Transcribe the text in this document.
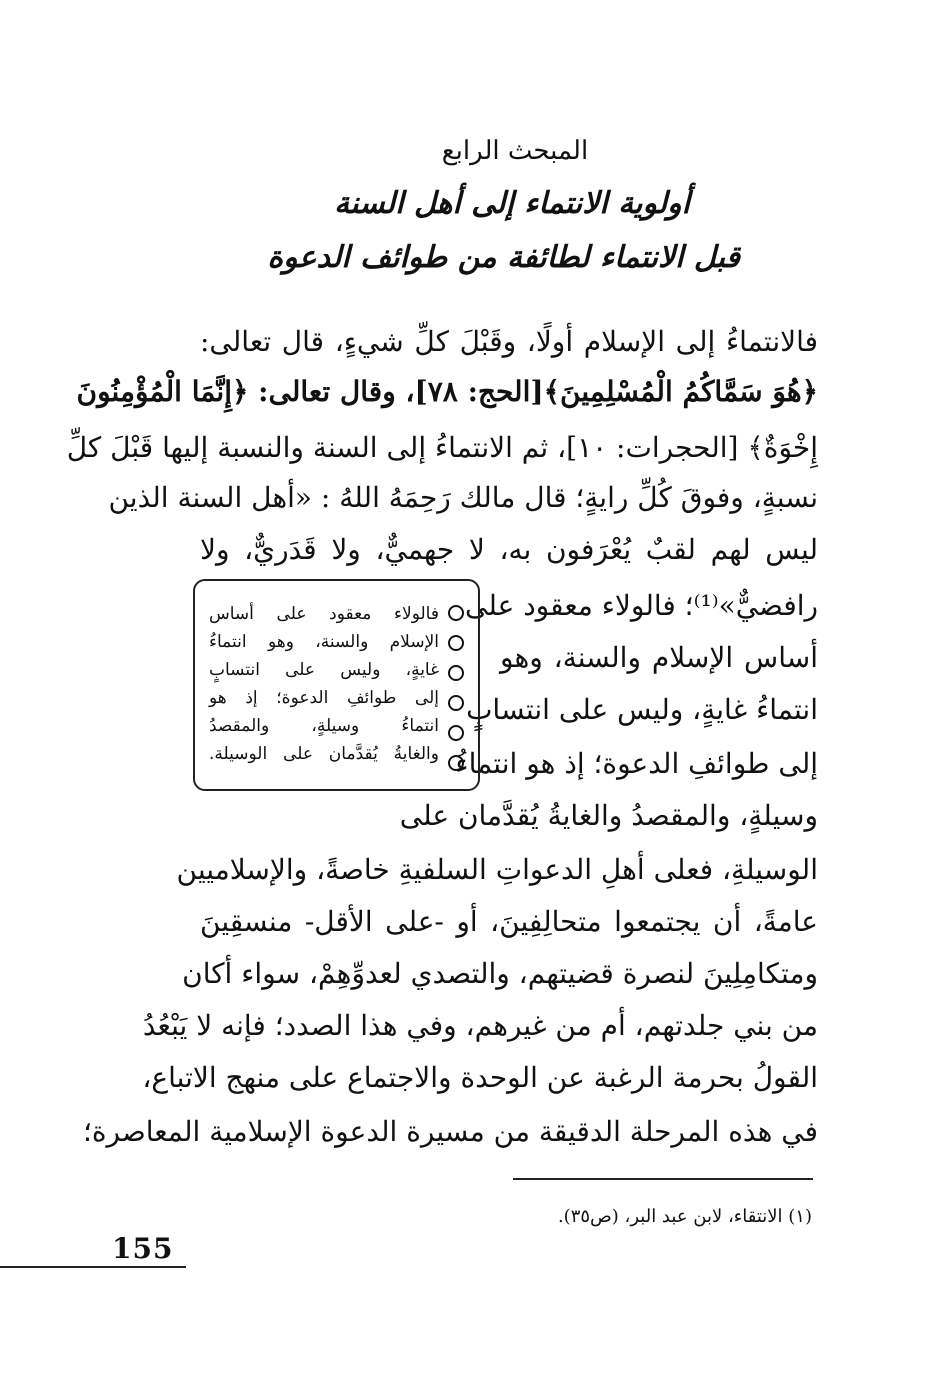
المبحث الرابع
أولوية الانتماء إلى أهل السنة
قبل الانتماء لطائفة من طوائف الدعوة
فالانتماءُ إلى الإسلام أولًا، وقَبْلَ كلِّ شيءٍ، قال تعالى:
﴿هُوَ سَمَّاكُمُ الْمُسْلِمِينَ﴾[الحج: ٧٨]، وقال تعالى: ﴿إِنَّمَا الْمُؤْمِنُونَ
إِخْوَةٌ﴾ [الحجرات: ١٠]، ثم الانتماءُ إلى السنة والنسبة إليها قَبْلَ كلِّ
نسبةٍ، وفوقَ كُلِّ رايةٍ؛ قال مالك رَحِمَهُ اللهُ : «أهل السنة الذين
ليس لهم لقبٌ يُعْرَفون به، لا جهميٌّ، ولا قَدَريٌّ، ولا
رافضيٌّ»⁽¹⁾؛ فالولاء معقود على
أساس الإسلام والسنة، وهو
انتماءُ غايةٍ، وليس على انتسابٍ
إلى طوائفِ الدعوة؛ إذ هو انتماءُ
وسيلةٍ، والمقصدُ والغايةُ يُقدَّمان على
فالولاء معقود على أساس
الإسلام والسنة، وهو انتماءُ
غايةٍ، وليس على انتسابٍ
إلى طوائفِ الدعوة؛ إذ هو
انتماءُ وسيلةٍ، والمقصدُ
والغايةُ يُقدَّمان على الوسيلة.
الوسيلةِ، فعلى أهلِ الدعواتِ السلفيةِ خاصةً، والإسلاميين
عامةً، أن يجتمعوا متحالِفِينَ، أو -على الأقل- منسقِينَ
ومتكامِلِينَ لنصرة قضيتهم، والتصدي لعدوِّهِمْ، سواء أكان
من بني جلدتهم، أم من غيرهم، وفي هذا الصدد؛ فإنه لا يَبْعُدُ
القولُ بحرمة الرغبة عن الوحدة والاجتماع على منهج الاتباع،
في هذه المرحلة الدقيقة من مسيرة الدعوة الإسلامية المعاصرة؛
(١) الانتقاء، لابن عبد البر، (ص٣٥).
155
